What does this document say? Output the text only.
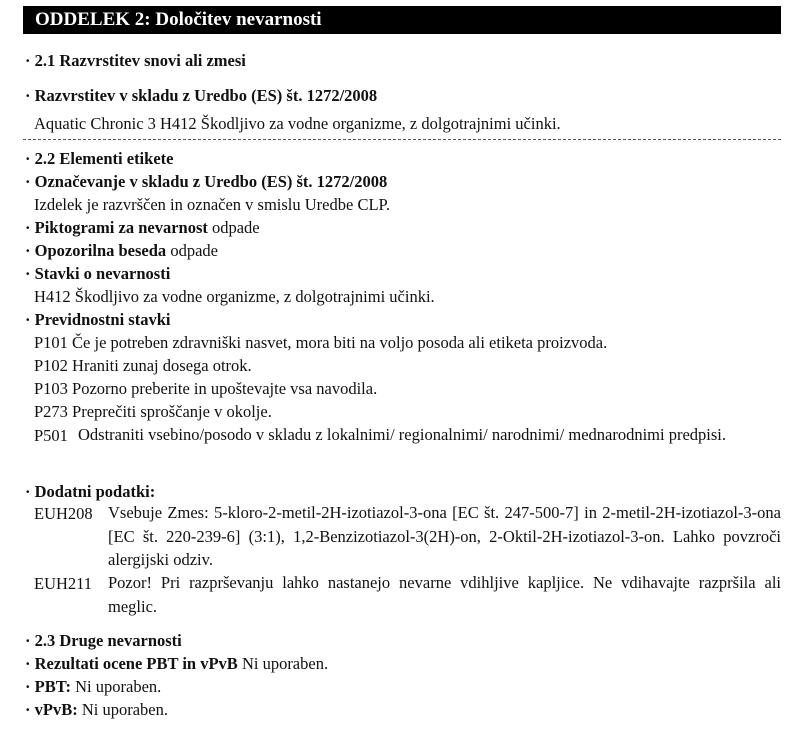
ODDELEK 2: Določitev nevarnosti
· 2.1 Razvrstitev snovi ali zmesi
· Razvrstitev v skladu z Uredbo (ES) št. 1272/2008
Aquatic Chronic 3 H412 Škodljivo za vodne organizme, z dolgotrajnimi učinki.
· 2.2 Elementi etikete
· Označevanje v skladu z Uredbo (ES) št. 1272/2008
Izdelek je razvrščen in označen v smislu Uredbe CLP.
· Piktogrami za nevarnost odpade
· Opozorilna beseda odpade
· Stavki o nevarnosti
H412 Škodljivo za vodne organizme, z dolgotrajnimi učinki.
· Previdnostni stavki
P101 Če je potreben zdravniški nasvet, mora biti na voljo posoda ali etiketa proizvoda.
P102 Hraniti zunaj dosega otrok.
P103 Pozorno preberite in upoštevajte vsa navodila.
P273 Preprečiti sproščanje v okolje.
P501 Odstraniti vsebino/posodo v skladu z lokalnimi/ regionalnimi/ narodnimi/ mednarodnimi predpisi.
· Dodatni podatki:
EUH208 Vsebuje Zmes: 5-kloro-2-metil-2H-izotiazol-3-ona [EC št. 247-500-7] in 2-metil-2H-izotiazol-3-ona [EC št. 220-239-6] (3:1), 1,2-Benzizotiazol-3(2H)-on, 2-Oktil-2H-izotiazol-3-on. Lahko povzroči alergijski odziv.
EUH211 Pozor! Pri razprševanju lahko nastanejo nevarne vdihljive kapljice. Ne vdihavajte razpršila ali meglic.
· 2.3 Druge nevarnosti
· Rezultati ocene PBT in vPvB Ni uporaben.
· PBT: Ni uporaben.
· vPvB: Ni uporaben.
